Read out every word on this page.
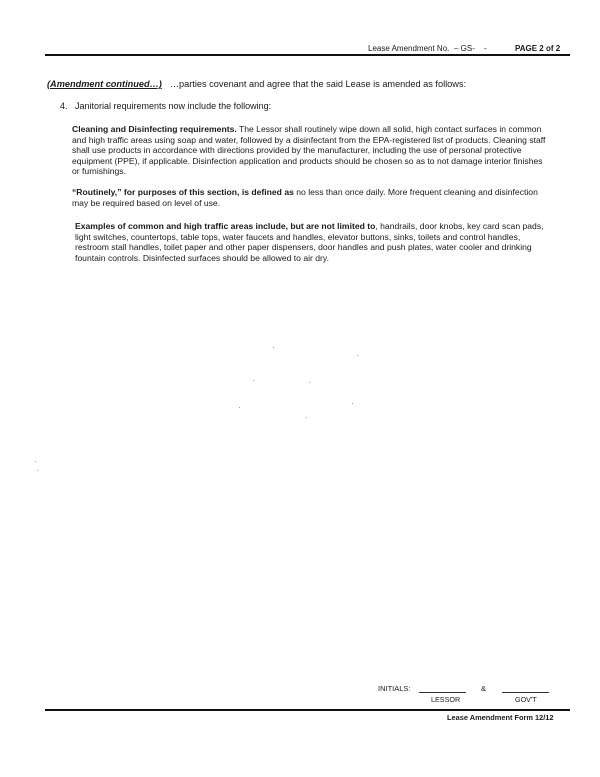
Lease Amendment No. – GS- -	PAGE 2 of 2
(Amendment continued…) …parties covenant and agree that the said Lease is amended as follows:
4. Janitorial requirements now include the following:
Cleaning and Disinfecting requirements. The Lessor shall routinely wipe down all solid, high contact surfaces in common and high traffic areas using soap and water, followed by a disinfectant from the EPA-registered list of products. Cleaning staff shall use products in accordance with directions provided by the manufacturer, including the use of personal protective equipment (PPE), if applicable. Disinfection application and products should be chosen so as to not damage interior finishes or furnishings.
“Routinely,” for purposes of this section, is defined as no less than once daily. More frequent cleaning and disinfection may be required based on level of use.
Examples of common and high traffic areas include, but are not limited to, handrails, door knobs, key card scan pads, light switches, countertops, table tops, water faucets and handles, elevator buttons, sinks, toilets and control handles, restroom stall handles, toilet paper and other paper dispensers, door handles and push plates, water cooler and drinking fountain controls. Disinfected surfaces should be allowed to air dry.
INITIALS:	&
LESSOR	GOV'T
Lease Amendment Form 12/12
